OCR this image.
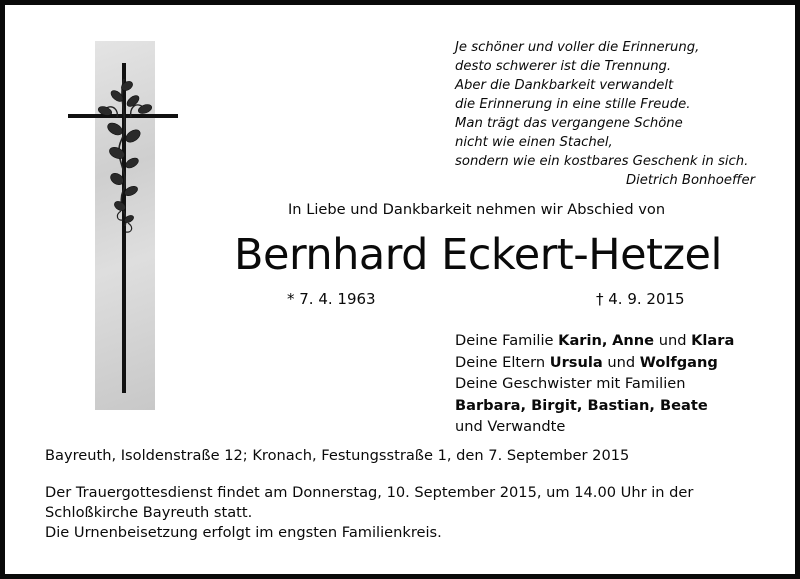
Je schöner und voller die Erinnerung,
desto schwerer ist die Trennung.
Aber die Dankbarkeit verwandelt
die Erinnerung in eine stille Freude.
Man trägt das vergangene Schöne
nicht wie einen Stachel,
sondern wie ein kostbares Geschenk in sich.
Dietrich Bonhoeffer
In Liebe und Dankbarkeit nehmen wir Abschied von
Bernhard Eckert-Hetzel
* 7. 4. 1963	† 4. 9. 2015
Deine Familie Karin, Anne und Klara
Deine Eltern Ursula und Wolfgang
Deine Geschwister mit Familien
Barbara, Birgit, Bastian, Beate
und Verwandte
Bayreuth, Isoldenstraße 12; Kronach, Festungsstraße 1, den 7. September 2015
Der Trauergottesdienst findet am Donnerstag, 10. September 2015, um 14.00 Uhr in der
Schloßkirche Bayreuth statt.
Die Urnenbeisetzung erfolgt im engsten Familienkreis.
